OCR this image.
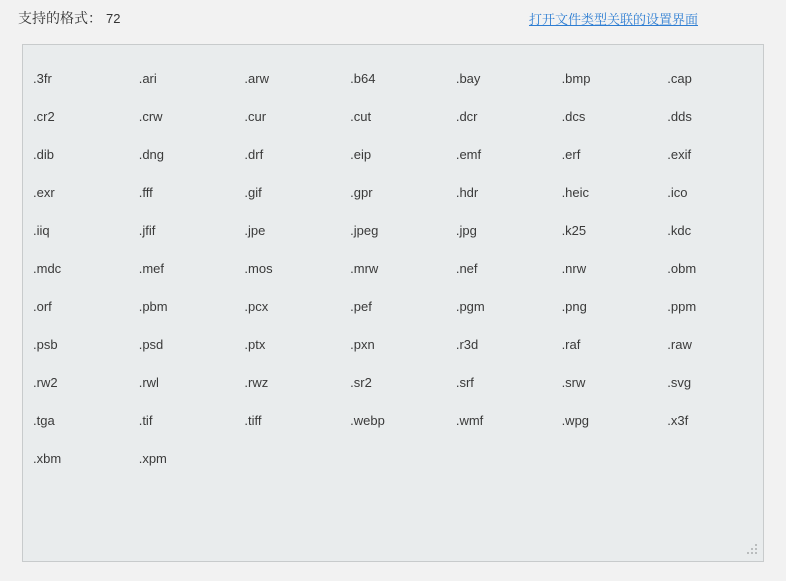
支持的格式： 72	打开文件类型关联的设置界面
.3fr	.ari	.arw	.b64	.bay	.bmp	.cap
.cr2	.crw	.cur	.cut	.dcr	.dcs	.dds
.dib	.dng	.drf	.eip	.emf	.erf	.exif
.exr	.fff	.gif	.gpr	.hdr	.heic	.ico
.iiq	.jfif	.jpe	.jpeg	.jpg	.k25	.kdc
.mdc	.mef	.mos	.mrw	.nef	.nrw	.obm
.orf	.pbm	.pcx	.pef	.pgm	.png	.ppm
.psb	.psd	.ptx	.pxn	.r3d	.raf	.raw
.rw2	.rwl	.rwz	.sr2	.srf	.srw	.svg
.tga	.tif	.tiff	.webp	.wmf	.wpg	.x3f
.xbm	.xpm
